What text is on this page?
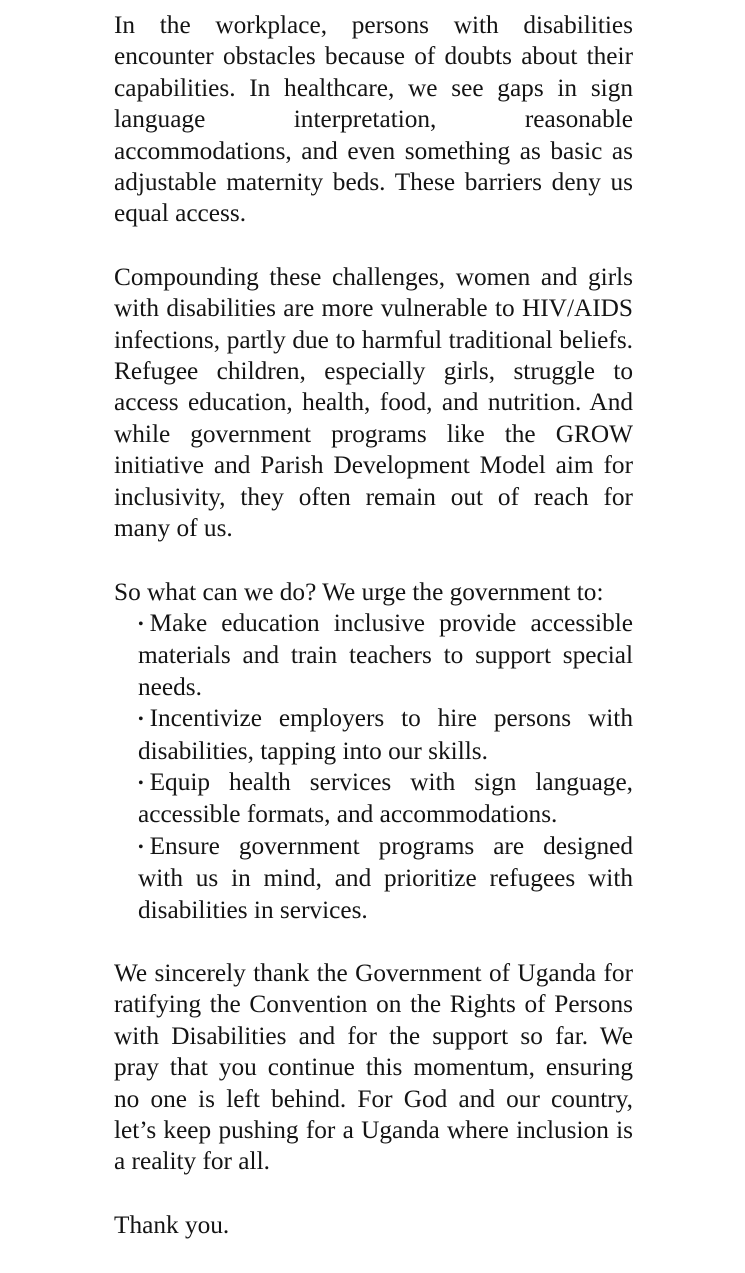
In the workplace, persons with disabilities encounter obstacles because of doubts about their capabilities. In healthcare, we see gaps in sign language interpretation, reasonable accommodations, and even something as basic as adjustable maternity beds. These barriers deny us equal access.

Compounding these challenges, women and girls with disabilities are more vulnerable to HIV/AIDS infections, partly due to harmful traditional beliefs. Refugee children, especially girls, struggle to access education, health, food, and nutrition. And while government programs like the GROW initiative and Parish Development Model aim for inclusivity, they often remain out of reach for many of us.

So what can we do? We urge the government to:

• Make education inclusive provide accessible materials and train teachers to support special needs.
• Incentivize employers to hire persons with disabilities, tapping into our skills.
• Equip health services with sign language, accessible formats, and accommodations.
• Ensure government programs are designed with us in mind, and prioritize refugees with disabilities in services.

We sincerely thank the Government of Uganda for ratifying the Convention on the Rights of Persons with Disabilities and for the support so far. We pray that you continue this momentum, ensuring no one is left behind. For God and our country, let’s keep pushing for a Uganda where inclusion is a reality for all.

Thank you.
